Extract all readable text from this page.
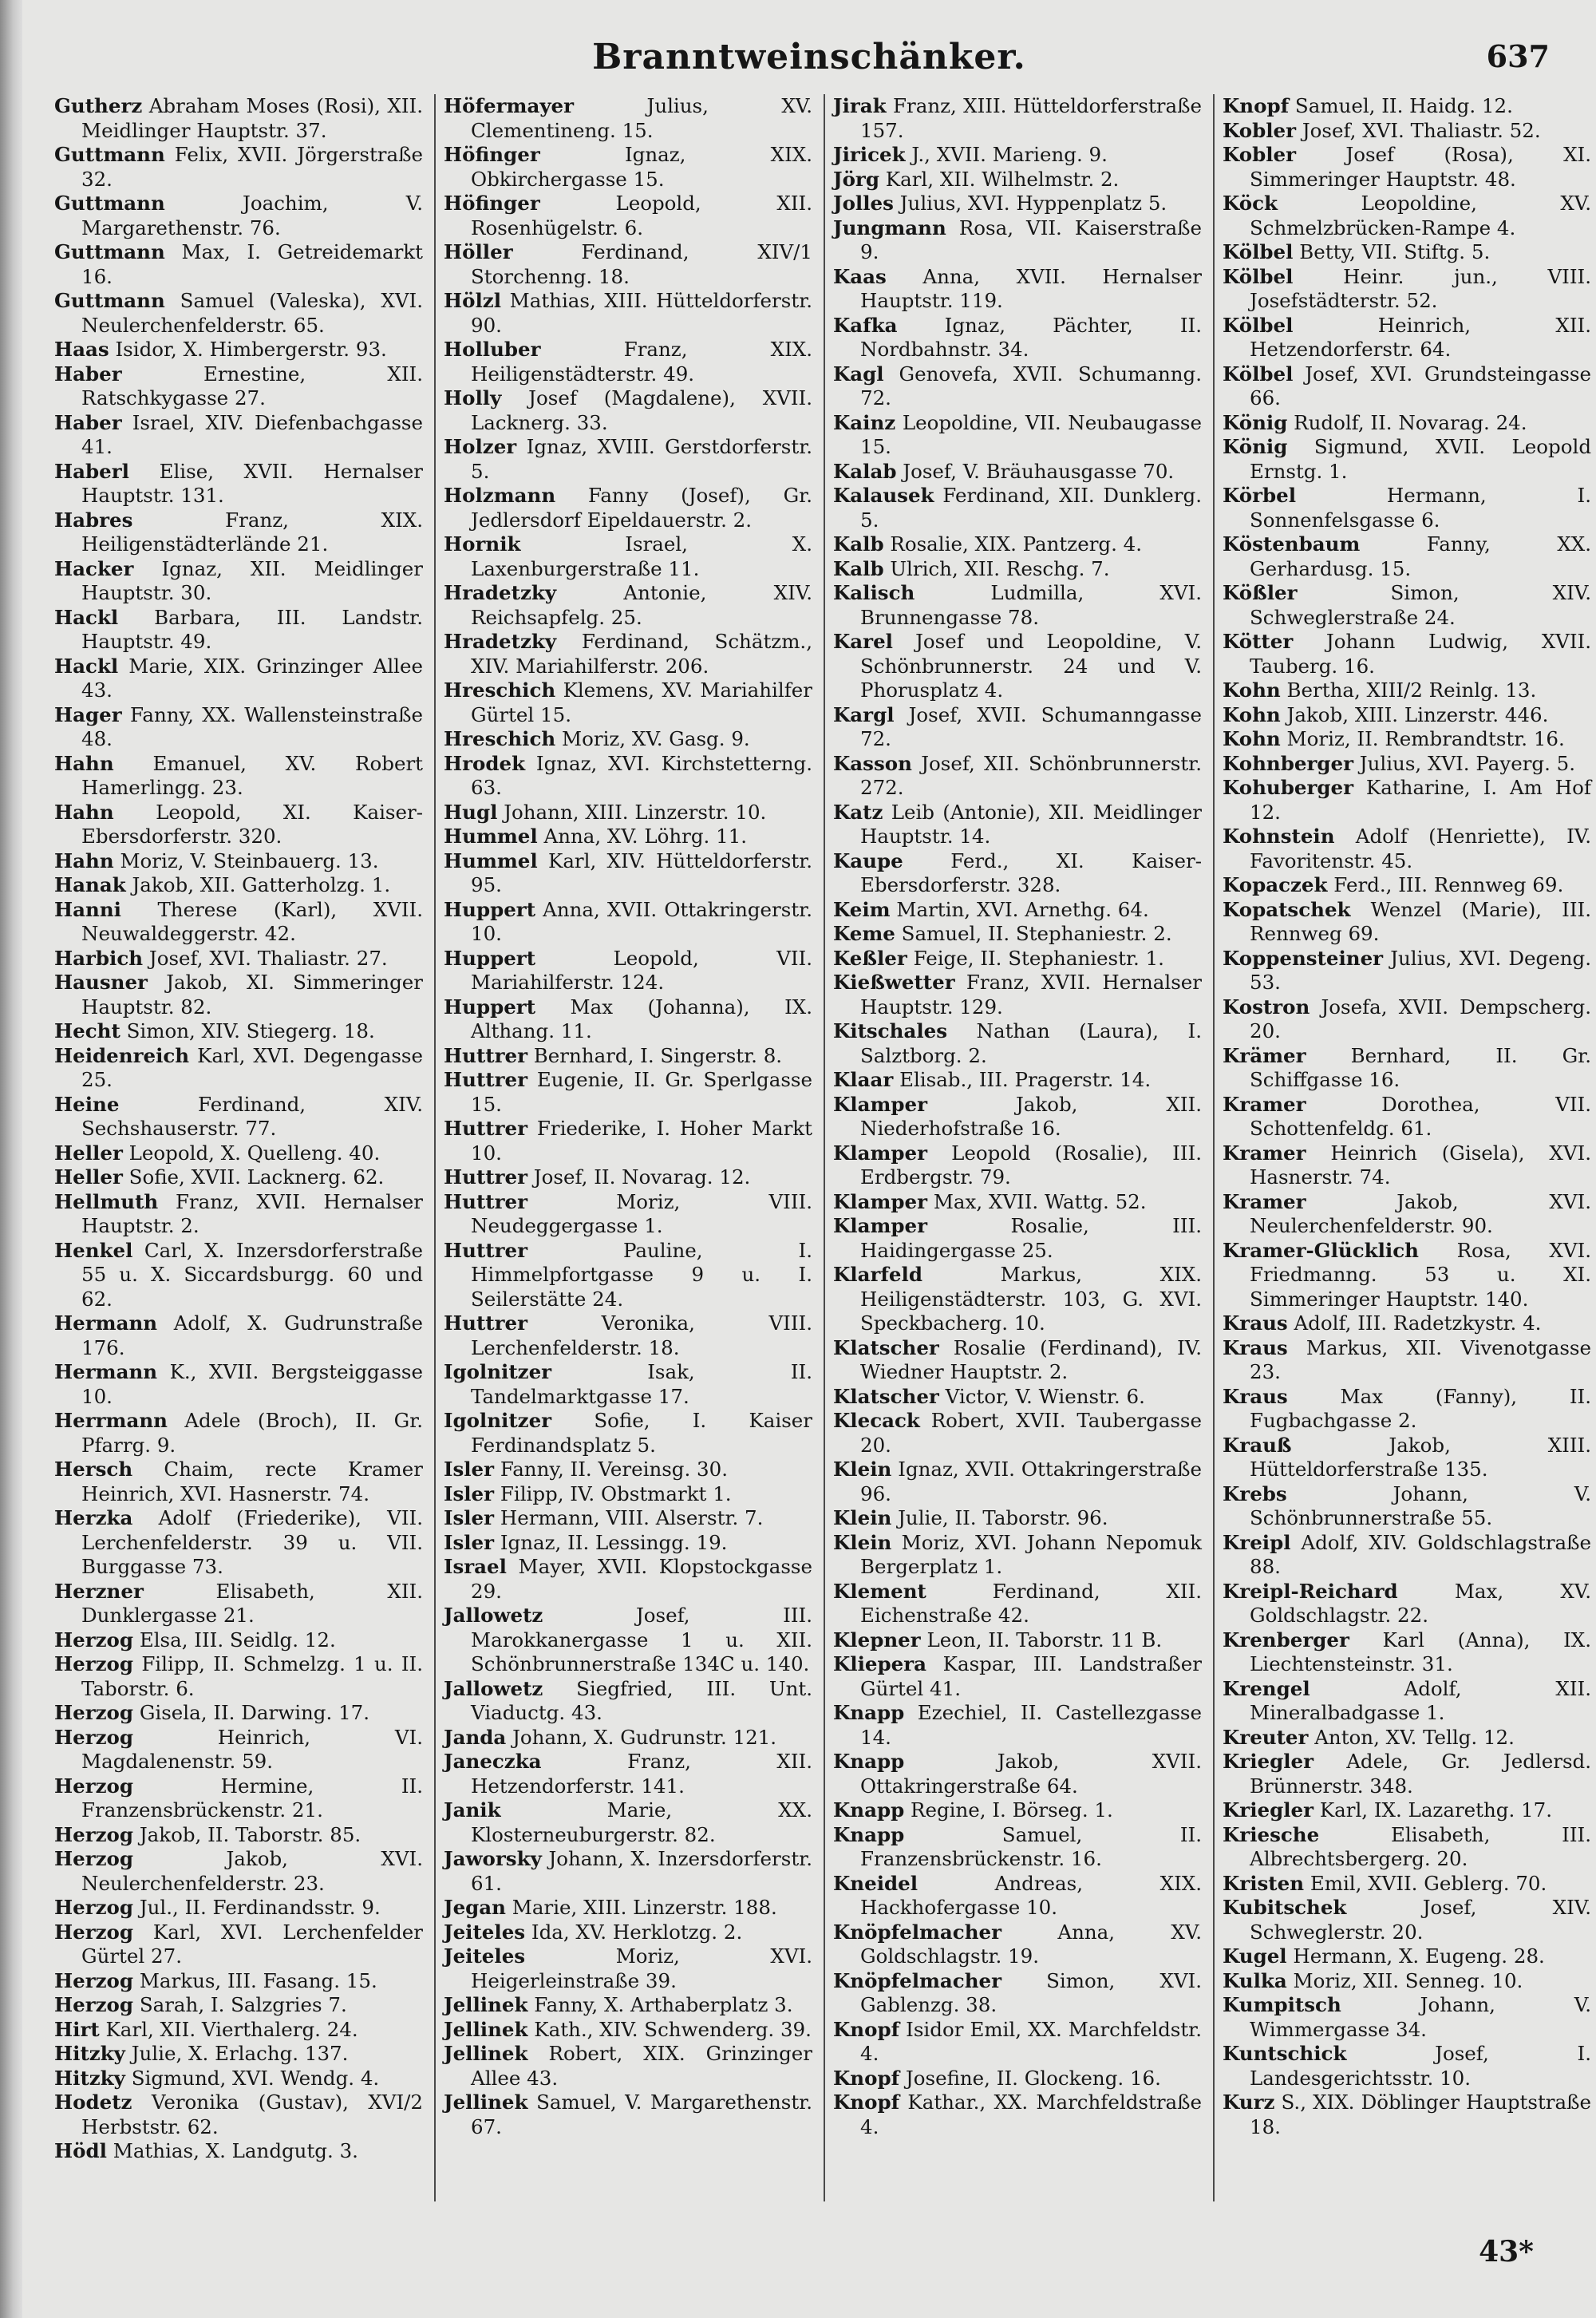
Branntweinschänker.	637
Gutherz Abraham Moses (Rosi), XII. Meidlinger Hauptstr. 37.
Guttmann Felix, XVII. Jörgerstraße 32.
Guttmann	Joachim, V. Margarethenstr. 76.
Guttmann Max, I. Getreidemarkt 16.
Guttmann Samuel (Valeska), XVI. Neulerchenfelderstr. 65.
Haas Isidor, X. Himbergerstr. 93.
Haber	Ernestine, XII. Ratschkygasse 27.
Haber Israel, XIV. Diefenbachgasse 41.
Haberl Elise, XVII. Hernalser Hauptstr. 131.
Habres	Franz, XIX. Heiligenstädterlände 21.
Hacker Ignaz, XII. Meidlinger Hauptstr. 30.
Hackl Barbara, III. Landstr. Hauptstr. 49.
Hackl Marie, XIX. Grinzinger Allee 43.
Hager Fanny, XX. Wallensteinstraße 48.
Hahn Emanuel, XV. Robert Hamerlingg. 23.
Hahn Leopold, XI. Kaiser-Ebersdorferstr. 320.
Hahn Moriz, V. Steinbauerg. 13.
Hanak Jakob, XII. Gatterholzg. 1.
Hanni Therese (Karl), XVII. Neuwaldeggerstr. 42.
Harbich Josef, XVI. Thaliastr. 27.
Hausner Jakob, XI. Simmeringer Hauptstr. 82.
Hecht Simon, XIV. Stiegerg. 18.
Heidenreich Karl, XVI. Degengasse 25.
Heine	Ferdinand, XIV. Sechshauserstr. 77.
Heller Leopold, X. Quelleng. 40.
Heller Sofie, XVII. Lacknerg. 62.
Hellmuth Franz, XVII. Hernalser Hauptstr. 2.
Henkel Carl, X. Inzersdorferstraße 55 u. X. Siccardsburgg. 60 und 62.
Hermann Adolf, X. Gudrunstraße 176.
Hermann K., XVII. Bergsteiggasse 10.
Herrmann Adele (Broch), II. Gr. Pfarrg. 9.
Hersch Chaim, recte Kramer Heinrich, XVI. Hasnerstr. 74.
Herzka Adolf (Friederike), VII. Lerchenfelderstr. 39 u. VII. Burggasse 73.
Herzner	Elisabeth, XII. Dunklergasse 21.
Herzog Elsa, III. Seidlg. 12.
Herzog Filipp, II. Schmelzg. 1 u. II. Taborstr. 6.
Herzog Gisela, II. Darwing. 17.
Herzog	Heinrich, VI. Magdalenenstr. 59.
Herzog	Hermine, II. Franzensbrückenstr. 21.
Herzog Jakob, II. Taborstr. 85.
Herzog	Jakob, XVI. Neulerchenfelderstr. 23.
Herzog Jul., II. Ferdinandsstr. 9.
Herzog Karl, XVI. Lerchenfelder Gürtel 27.
Herzog Markus, III. Fasang. 15.
Herzog Sarah, I. Salzgries 7.
Hirt Karl, XII. Vierthalerg. 24.
Hitzky Julie, X. Erlachg. 137.
Hitzky Sigmund, XVI. Wendg. 4.
Hodetz Veronika (Gustav), XVI/2 Herbststr. 62.
Hödl Mathias, X. Landgutg. 3.
Höfermayer	Julius, XV. Clementineng. 15.
Höfinger	Ignaz, XIX. Obkirchergasse 15.
Höfinger	Leopold, XII. Rosenhügelstr. 6.
Höller	Ferdinand, XIV/1 Storchenng. 18.
Hölzl Mathias, XIII. Hütteldorferstr. 90.
Holluber	Franz, XIX. Heiligenstädterstr. 49.
Holly Josef (Magdalene), XVII. Lacknerg. 33.
Holzer Ignaz, XVIII. Gerstdorferstr. 5.
Holzmann Fanny (Josef), Gr. Jedlersdorf Eipeldauerstr. 2.
Hornik	Israel, X. Laxenburgerstraße 11.
Hradetzky	Antonie, XIV. Reichsapfelg. 25.
Hradetzky Ferdinand, Schätzm., XIV. Mariahilferstr. 206.
Hreschich Klemens, XV. Mariahilfer Gürtel 15.
Hreschich Moriz, XV. Gasg. 9.
Hrodek Ignaz, XVI. Kirchstetterng. 63.
Hugl Johann, XIII. Linzerstr. 10.
Hummel Anna, XV. Löhrg. 11.
Hummel Karl, XIV. Hütteldorferstr. 95.
Huppert Anna, XVII. Ottakringerstr. 10.
Huppert	Leopold, VII. Mariahilferstr. 124.
Huppert Max (Johanna), IX. Althang. 11.
Huttrer Bernhard, I. Singerstr. 8.
Huttrer Eugenie, II. Gr. Sperlgasse 15.
Huttrer Friederike, I. Hoher Markt 10.
Huttrer Josef, II. Novarag. 12.
Huttrer	Moriz, VIII. Neudeggergasse 1.
Huttrer	Pauline, I. Himmelpfortgasse 9 u. I. Seilerstätte 24.
Huttrer	Veronika, VIII. Lerchenfelderstr. 18.
Igolnitzer	Isak, II. Tandelmarktgasse 17.
Igolnitzer Sofie, I. Kaiser Ferdinandsplatz 5.
Isler Fanny, II. Vereinsg. 30.
Isler Filipp, IV. Obstmarkt 1.
Isler Hermann, VIII. Alserstr. 7.
Isler Ignaz, II. Lessingg. 19.
Israel Mayer, XVII. Klopstockgasse 29.
Jallowetz	Josef, III. Marokkanergasse 1 u. XII. Schönbrunnerstraße 134C u. 140.
Jallowetz Siegfried, III. Unt. Viaductg. 43.
Janda Johann, X. Gudrunstr. 121.
Janeczka	Franz, XII. Hetzendorferstr. 141.
Janik	Marie, XX. Klosterneuburgerstr. 82.
Jaworsky Johann, X. Inzersdorferstr. 61.
Jegan Marie, XIII. Linzerstr. 188.
Jeiteles Ida, XV. Herklotzg. 2.
Jeiteles	Moriz, XVI. Heigerleinstraße 39.
Jellinek Fanny, X. Arthaberplatz 3.
Jellinek Kath., XIV. Schwenderg. 39.
Jellinek Robert, XIX. Grinzinger Allee 43.
Jellinek Samuel, V. Margarethenstr. 67.
Jirak Franz, XIII. Hütteldorferstraße 157.
Jiricek J., XVII. Marieng. 9.
Jörg Karl, XII. Wilhelmstr. 2.
Jolles Julius, XVI. Hyppenplatz 5.
Jungmann Rosa, VII. Kaiserstraße 9.
Kaas Anna, XVII. Hernalser Hauptstr. 119.
Kafka Ignaz, Pächter, II. Nordbahnstr. 34.
Kagl Genovefa, XVII. Schumanng. 72.
Kainz Leopoldine, VII. Neubaugasse 15.
Kalab Josef, V. Bräuhausgasse 70.
Kalausek Ferdinand, XII. Dunklerg. 5.
Kalb Rosalie, XIX. Pantzerg. 4.
Kalb Ulrich, XII. Reschg. 7.
Kalisch	Ludmilla, XVI. Brunnengasse 78.
Karel Josef und Leopoldine, V. Schönbrunnerstr. 24 und V. Phorusplatz 4.
Kargl Josef, XVII. Schumanngasse 72.
Kasson Josef, XII. Schönbrunnerstr. 272.
Katz Leib (Antonie), XII. Meidlinger Hauptstr. 14.
Kaupe Ferd., XI. Kaiser-Ebersdorferstr. 328.
Keim Martin, XVI. Arnethg. 64.
Keme Samuel, II. Stephaniestr. 2.
Keßler Feige, II. Stephaniestr. 1.
Kießwetter Franz, XVII. Hernalser Hauptstr. 129.
Kitschales Nathan (Laura), I. Salztborg. 2.
Klaar Elisab., III. Pragerstr. 14.
Klamper	Jakob, XII. Niederhofstraße 16.
Klamper Leopold (Rosalie), III. Erdbergstr. 79.
Klamper Max, XVII. Wattg. 52.
Klamper	Rosalie, III. Haidingergasse 25.
Klarfeld	Markus, XIX. Heiligenstädterstr. 103, G. XVI. Speckbacherg. 10.
Klatscher Rosalie (Ferdinand), IV. Wiedner Hauptstr. 2.
Klatscher Victor, V. Wienstr. 6.
Klecack Robert, XVII. Taubergasse 20.
Klein Ignaz, XVII. Ottakringerstraße 96.
Klein Julie, II. Taborstr. 96.
Klein Moriz, XVI. Johann Nepomuk Bergerplatz 1.
Klement	Ferdinand, XII. Eichenstraße 42.
Klepner Leon, II. Taborstr. 11 B.
Kliepera Kaspar, III. Landstraßer Gürtel 41.
Knapp Ezechiel, II. Castellezgasse 14.
Knapp	Jakob, XVII. Ottakringerstraße 64.
Knapp Regine, I. Börseg. 1.
Knapp	Samuel, II. Franzensbrückenstr. 16.
Kneidel	Andreas, XIX. Hackhofergasse 10.
Knöpfelmacher	Anna, XV. Goldschlagstr. 19.
Knöpfelmacher Simon, XVI. Gablenzg. 38.
Knopf Isidor Emil, XX. Marchfeldstr. 4.
Knopf Josefine, II. Glockeng. 16.
Knopf Kathar., XX. Marchfeldstraße 4.
Knopf Samuel, II. Haidg. 12.
Kobler Josef, XVI. Thaliastr. 52.
Kobler	Josef (Rosa), XI. Simmeringer Hauptstr. 48.
Köck	Leopoldine, XV. Schmelzbrücken-Rampe 4.
Kölbel Betty, VII. Stiftg. 5.
Kölbel	Heinr. jun., VIII. Josefstädterstr. 52.
Kölbel	Heinrich, XII. Hetzendorferstr. 64.
Kölbel Josef, XVI. Grundsteingasse 66.
König Rudolf, II. Novarag. 24.
König Sigmund, XVII. Leopold Ernstg. 1.
Körbel	Hermann, I. Sonnenfelsgasse 6.
Köstenbaum	Fanny, XX. Gerhardusg. 15.
Kößler	Simon, XIV. Schweglerstraße 24.
Kötter Johann Ludwig, XVII. Tauberg. 16.
Kohn Bertha, XIII/2 Reinlg. 13.
Kohn Jakob, XIII. Linzerstr. 446.
Kohn Moriz, II. Rembrandtstr. 16.
Kohnberger Julius, XVI. Payerg. 5.
Kohuberger Katharine, I. Am Hof 12.
Kohnstein Adolf (Henriette), IV. Favoritenstr. 45.
Kopaczek Ferd., III. Rennweg 69.
Kopatschek Wenzel (Marie), III. Rennweg 69.
Koppensteiner Julius, XVI. Degeng. 53.
Kostron Josefa, XVII. Dempscherg. 20.
Krämer Bernhard, II. Gr. Schiffgasse 16.
Kramer	Dorothea, VII. Schottenfeldg. 61.
Kramer Heinrich (Gisela), XVI. Hasnerstr. 74.
Kramer	Jakob, XVI. Neulerchenfelderstr. 90.
Kramer-Glücklich Rosa, XVI. Friedmanng. 53 u. XI. Simmeringer Hauptstr. 140.
Kraus Adolf, III. Radetzkystr. 4.
Kraus Markus, XII. Vivenotgasse 23.
Kraus	Max (Fanny), II. Fugbachgasse 2.
Krauß	Jakob, XIII. Hütteldorferstraße 135.
Krebs	Johann, V. Schönbrunnerstraße 55.
Kreipl Adolf, XIV. Goldschlagstraße 88.
Kreipl-Reichard	Max, XV. Goldschlagstr. 22.
Krenberger Karl (Anna), IX. Liechtensteinstr. 31.
Krengel	Adolf, XII. Mineralbadgasse 1.
Kreuter Anton, XV. Tellg. 12.
Kriegler Adele, Gr. Jedlersd. Brünnerstr. 348.
Kriegler Karl, IX. Lazarethg. 17.
Kriesche	Elisabeth, III. Albrechtsbergerg. 20.
Kristen Emil, XVII. Geblerg. 70.
Kubitschek	Josef, XIV. Schweglerstr. 20.
Kugel Hermann, X. Eugeng. 28.
Kulka Moriz, XII. Senneg. 10.
Kumpitsch	Johann, V. Wimmergasse 34.
Kuntschick	Josef, I. Landesgerichtsstr. 10.
Kurz S., XIX. Döblinger Hauptstraße 18.
43*
